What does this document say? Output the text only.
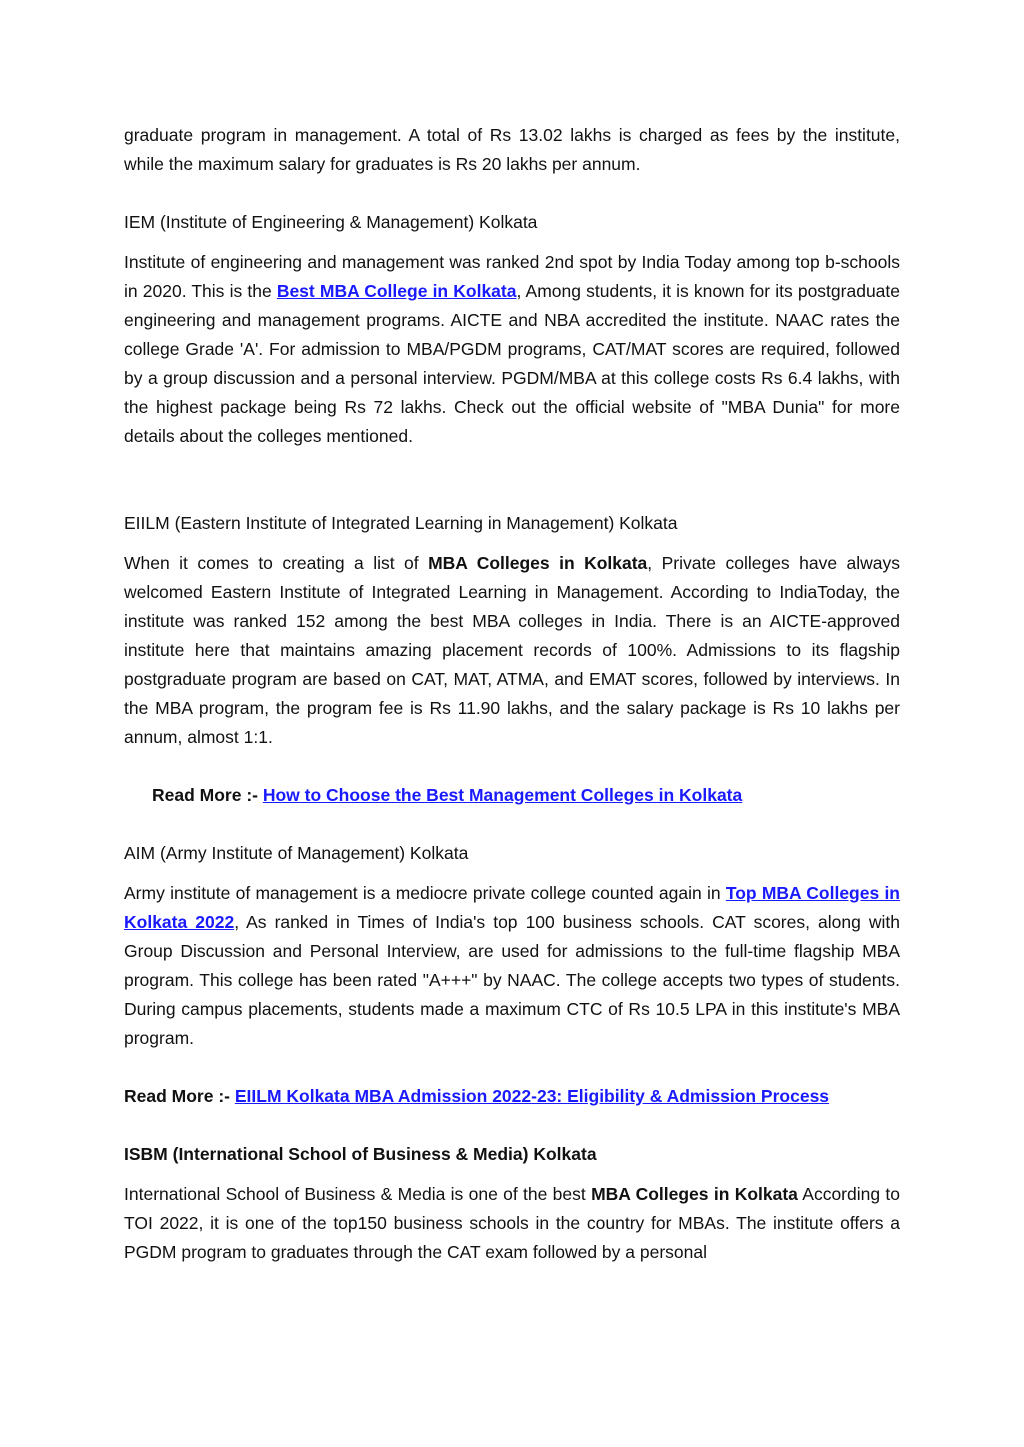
graduate program in management. A total of Rs 13.02 lakhs is charged as fees by the institute, while the maximum salary for graduates is Rs 20 lakhs per annum.

IEM (Institute of Engineering & Management) Kolkata

Institute of engineering and management was ranked 2nd spot by India Today among top b-schools in 2020. This is the Best MBA College in Kolkata, Among students, it is known for its postgraduate engineering and management programs. AICTE and NBA accredited the institute. NAAC rates the college Grade 'A'. For admission to MBA/PGDM programs, CAT/MAT scores are required, followed by a group discussion and a personal interview. PGDM/MBA at this college costs Rs 6.4 lakhs, with the highest package being Rs 72 lakhs. Check out the official website of "MBA Dunia" for more details about the colleges mentioned.

EIILM (Eastern Institute of Integrated Learning in Management) Kolkata

When it comes to creating a list of MBA Colleges in Kolkata, Private colleges have always welcomed Eastern Institute of Integrated Learning in Management. According to IndiaToday, the institute was ranked 152 among the best MBA colleges in India. There is an AICTE-approved institute here that maintains amazing placement records of 100%. Admissions to its flagship postgraduate program are based on CAT, MAT, ATMA, and EMAT scores, followed by interviews. In the MBA program, the program fee is Rs 11.90 lakhs, and the salary package is Rs 10 lakhs per annum, almost 1:1.

Read More :- How to Choose the Best Management Colleges in Kolkata

AIM (Army Institute of Management) Kolkata

Army institute of management is a mediocre private college counted again in Top MBA Colleges in Kolkata 2022, As ranked in Times of India's top 100 business schools. CAT scores, along with Group Discussion and Personal Interview, are used for admissions to the full-time flagship MBA program. This college has been rated "A+++" by NAAC. The college accepts two types of students. During campus placements, students made a maximum CTC of Rs 10.5 LPA in this institute's MBA program.

Read More :- EIILM Kolkata MBA Admission 2022-23: Eligibility & Admission Process

ISBM (International School of Business & Media) Kolkata

International School of Business & Media is one of the best MBA Colleges in Kolkata According to TOI 2022, it is one of the top150 business schools in the country for MBAs. The institute offers a PGDM program to graduates through the CAT exam followed by a personal
